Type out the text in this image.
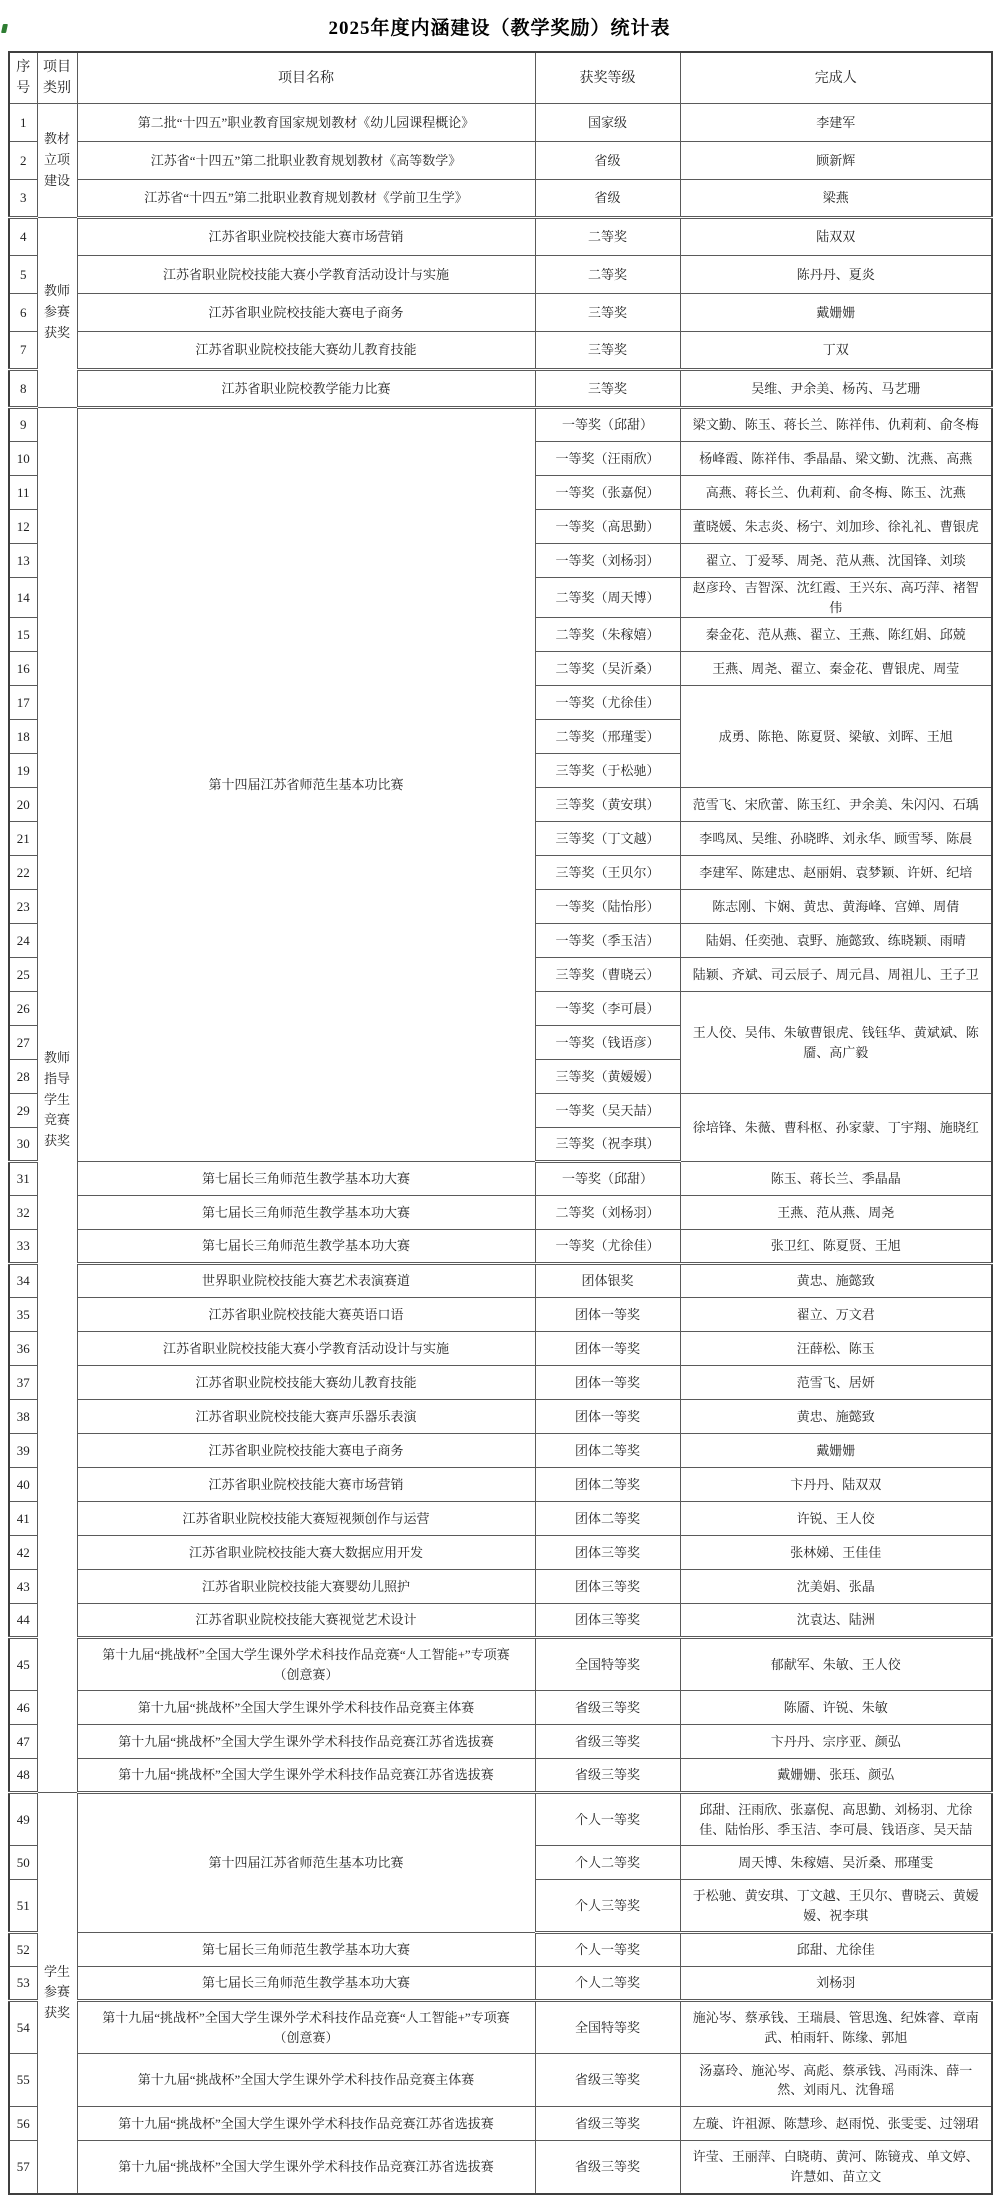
2025年度内涵建设（教学奖励）统计表
序号	项目类别	项目名称	获奖等级	完成人
1	教材立项建设	第二批“十四五”职业教育国家规划教材《幼儿园课程概论》	国家级	李建军
2		江苏省“十四五”第二批职业教育规划教材《高等数学》	省级	顾新辉
3		江苏省“十四五”第二批职业教育规划教材《学前卫生学》	省级	梁燕
4	教师参赛获奖	江苏省职业院校技能大赛市场营销	二等奖	陆双双
5		江苏省职业院校技能大赛小学教育活动设计与实施	二等奖	陈丹丹、夏炎
6		江苏省职业院校技能大赛电子商务	三等奖	戴姗姗
7		江苏省职业院校技能大赛幼儿教育技能	三等奖	丁双
8		江苏省职业院校教学能力比赛	三等奖	吴维、尹余美、杨芮、马艺珊
9	教师指导学生竞赛获奖	第十四届江苏省师范生基本功比赛	一等奖（邱甜）	梁文勤、陈玉、蒋长兰、陈祥伟、仇莉莉、俞冬梅
10			一等奖（汪雨欣）	杨峰霞、陈祥伟、季晶晶、梁文勤、沈燕、高燕
11			一等奖（张嘉倪）	高燕、蒋长兰、仇莉莉、俞冬梅、陈玉、沈燕
12			一等奖（高思勤）	董晓媛、朱志炎、杨宁、刘加珍、徐礼礼、曹银虎
13			一等奖（刘杨羽）	翟立、丁爱琴、周尧、范从燕、沈国锋、刘琰
14			二等奖（周天博）	赵彦玲、吉智深、沈红霞、王兴东、高巧萍、褚智伟
15			二等奖（朱稼嬉）	秦金花、范从燕、翟立、王燕、陈红娟、邱兢
16			二等奖（吴沂桑）	王燕、周尧、翟立、秦金花、曹银虎、周莹
17			一等奖（尤徐佳）	成勇、陈艳、陈夏贤、梁敏、刘晖、王旭
18			二等奖（邢瑾雯）	
19			三等奖（于松驰）	
20			三等奖（黄安琪）	范雪飞、宋欣蕾、陈玉红、尹余美、朱闪闪、石瑀
21			三等奖（丁文越）	李鸣凤、吴维、孙晓晔、刘永华、顾雪琴、陈晨
22			三等奖（王贝尔）	李建军、陈建忠、赵丽娟、袁梦颖、许妍、纪培
23			一等奖（陆怡彤）	陈志刚、卞娴、黄忠、黄海峰、宫婵、周倩
24			一等奖（季玉洁）	陆娟、任奕弛、袁野、施懿致、练晓颖、雨晴
25			三等奖（曹晓云）	陆颖、齐斌、司云辰子、周元昌、周祖儿、王子卫
26			一等奖（李可晨）	王人佼、吴伟、朱敏曹银虎、钱钰华、黄斌斌、陈靥、高广毅
27			一等奖（钱语彦）	
28			三等奖（黄嫒嫒）	
29			一等奖（吴天喆）	徐培锋、朱薇、曹科枢、孙家蒙、丁宇翔、施晓红
30			三等奖（祝李琪）	
31		第七届长三角师范生教学基本功大赛	一等奖（邱甜）	陈玉、蒋长兰、季晶晶
32		第七届长三角师范生教学基本功大赛	二等奖（刘杨羽）	王燕、范从燕、周尧
33		第七届长三角师范生教学基本功大赛	一等奖（尤徐佳）	张卫红、陈夏贤、王旭
34		世界职业院校技能大赛艺术表演赛道	团体银奖	黄忠、施懿致
35		江苏省职业院校技能大赛英语口语	团体一等奖	翟立、万文君
36		江苏省职业院校技能大赛小学教育活动设计与实施	团体一等奖	汪薛松、陈玉
37		江苏省职业院校技能大赛幼儿教育技能	团体一等奖	范雪飞、居妍
38		江苏省职业院校技能大赛声乐器乐表演	团体一等奖	黄忠、施懿致
39		江苏省职业院校技能大赛电子商务	团体二等奖	戴姗姗
40		江苏省职业院校技能大赛市场营销	团体二等奖	卞丹丹、陆双双
41		江苏省职业院校技能大赛短视频创作与运营	团体二等奖	许锐、王人佼
42		江苏省职业院校技能大赛大数据应用开发	团体三等奖	张林娣、王佳佳
43		江苏省职业院校技能大赛婴幼儿照护	团体三等奖	沈美娟、张晶
44		江苏省职业院校技能大赛视觉艺术设计	团体三等奖	沈袁达、陆洲
45		第十九届“挑战杯”全国大学生课外学术科技作品竞赛“人工智能+”专项赛（创意赛）	全国特等奖	郁献军、朱敏、王人佼
46		第十九届“挑战杯”全国大学生课外学术科技作品竞赛主体赛	省级三等奖	陈靥、许锐、朱敏
47		第十九届“挑战杯”全国大学生课外学术科技作品竞赛江苏省选拔赛	省级三等奖	卞丹丹、宗序亚、颜弘
48		第十九届“挑战杯”全国大学生课外学术科技作品竞赛江苏省选拔赛	省级三等奖	戴姗姗、张珏、颜弘
49	学生参赛获奖	第十四届江苏省师范生基本功比赛	个人一等奖	邱甜、汪雨欣、张嘉倪、高思勤、刘杨羽、尤徐佳、陆怡彤、季玉洁、李可晨、钱语彦、吴天喆
50			个人二等奖	周天博、朱稼嬉、吴沂桑、邢瑾雯
51			个人三等奖	于松驰、黄安琪、丁文越、王贝尔、曹晓云、黄嫒嫒、祝李琪
52		第七届长三角师范生教学基本功大赛	个人一等奖	邱甜、尤徐佳
53		第七届长三角师范生教学基本功大赛	个人二等奖	刘杨羽
54		第十九届“挑战杯”全国大学生课外学术科技作品竞赛“人工智能+”专项赛（创意赛）	全国特等奖	施沁岑、蔡承钱、王瑞晨、管思逸、纪姝睿、章南武、柏雨轩、陈缘、郭旭
55		第十九届“挑战杯”全国大学生课外学术科技作品竞赛主体赛	省级三等奖	汤嘉玲、施沁岑、高彪、蔡承钱、冯雨洙、薛一然、刘雨凡、沈鲁瑶
56		第十九届“挑战杯”全国大学生课外学术科技作品竞赛江苏省选拔赛	省级三等奖	左璇、许祖源、陈慧珍、赵雨悦、张雯雯、过翎珺
57		第十九届“挑战杯”全国大学生课外学术科技作品竞赛江苏省选拔赛	省级三等奖	许莹、王丽萍、白晓萌、黄河、陈镜戎、单文婷、许慧如、苗立文
